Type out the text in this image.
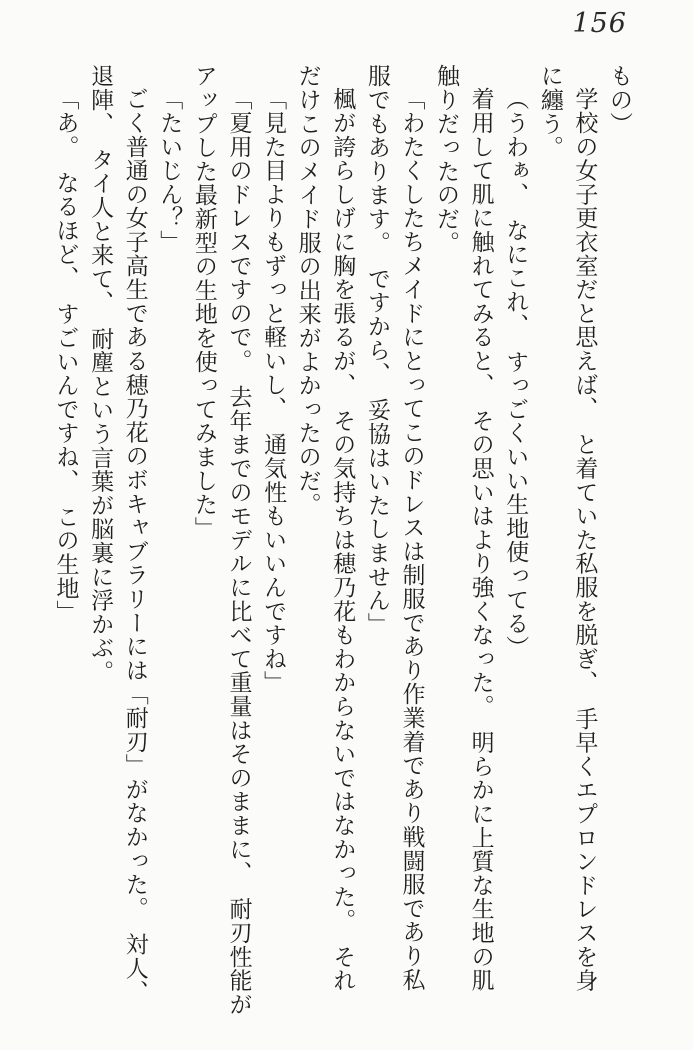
156

もの）

学校の女子更衣室だと思えば、　と着ていた私服を脱ぎ、　手早くエプロンドレスを身

に纏う。

（うわぁ、　なにこれ、　すっごくいい生地使ってる）

着用して肌に触れてみると、　その思いはより強くなった。　明らかに上質な生地の肌

触りだったのだ。

「わたくしたちメイドにとってこのドレスは制服であり作業着であり戦闘服であり私

服でもあります。　ですから、　妥協はいたしません」

楓が誇らしげに胸を張るが、　その気持ちは穂乃花もわからないではなかった。　それ

だけこのメイド服の出来がよかったのだ。

「見た目よりもずっと軽いし、　通気性もいいんですね」

「夏用のドレスですので。　去年までのモデルに比べて重量はそのままに、　耐刃性能が

アップした最新型の生地を使ってみました」

「たいじん？」

ごく普通の女子高生である穂乃花のボキャブラリーには「耐刃」がなかった。　対人、

退陣、　タイ人と来て、　耐塵という言葉が脳裏に浮かぶ。

「あ。　なるほど、　すごいんですね、　この生地」
